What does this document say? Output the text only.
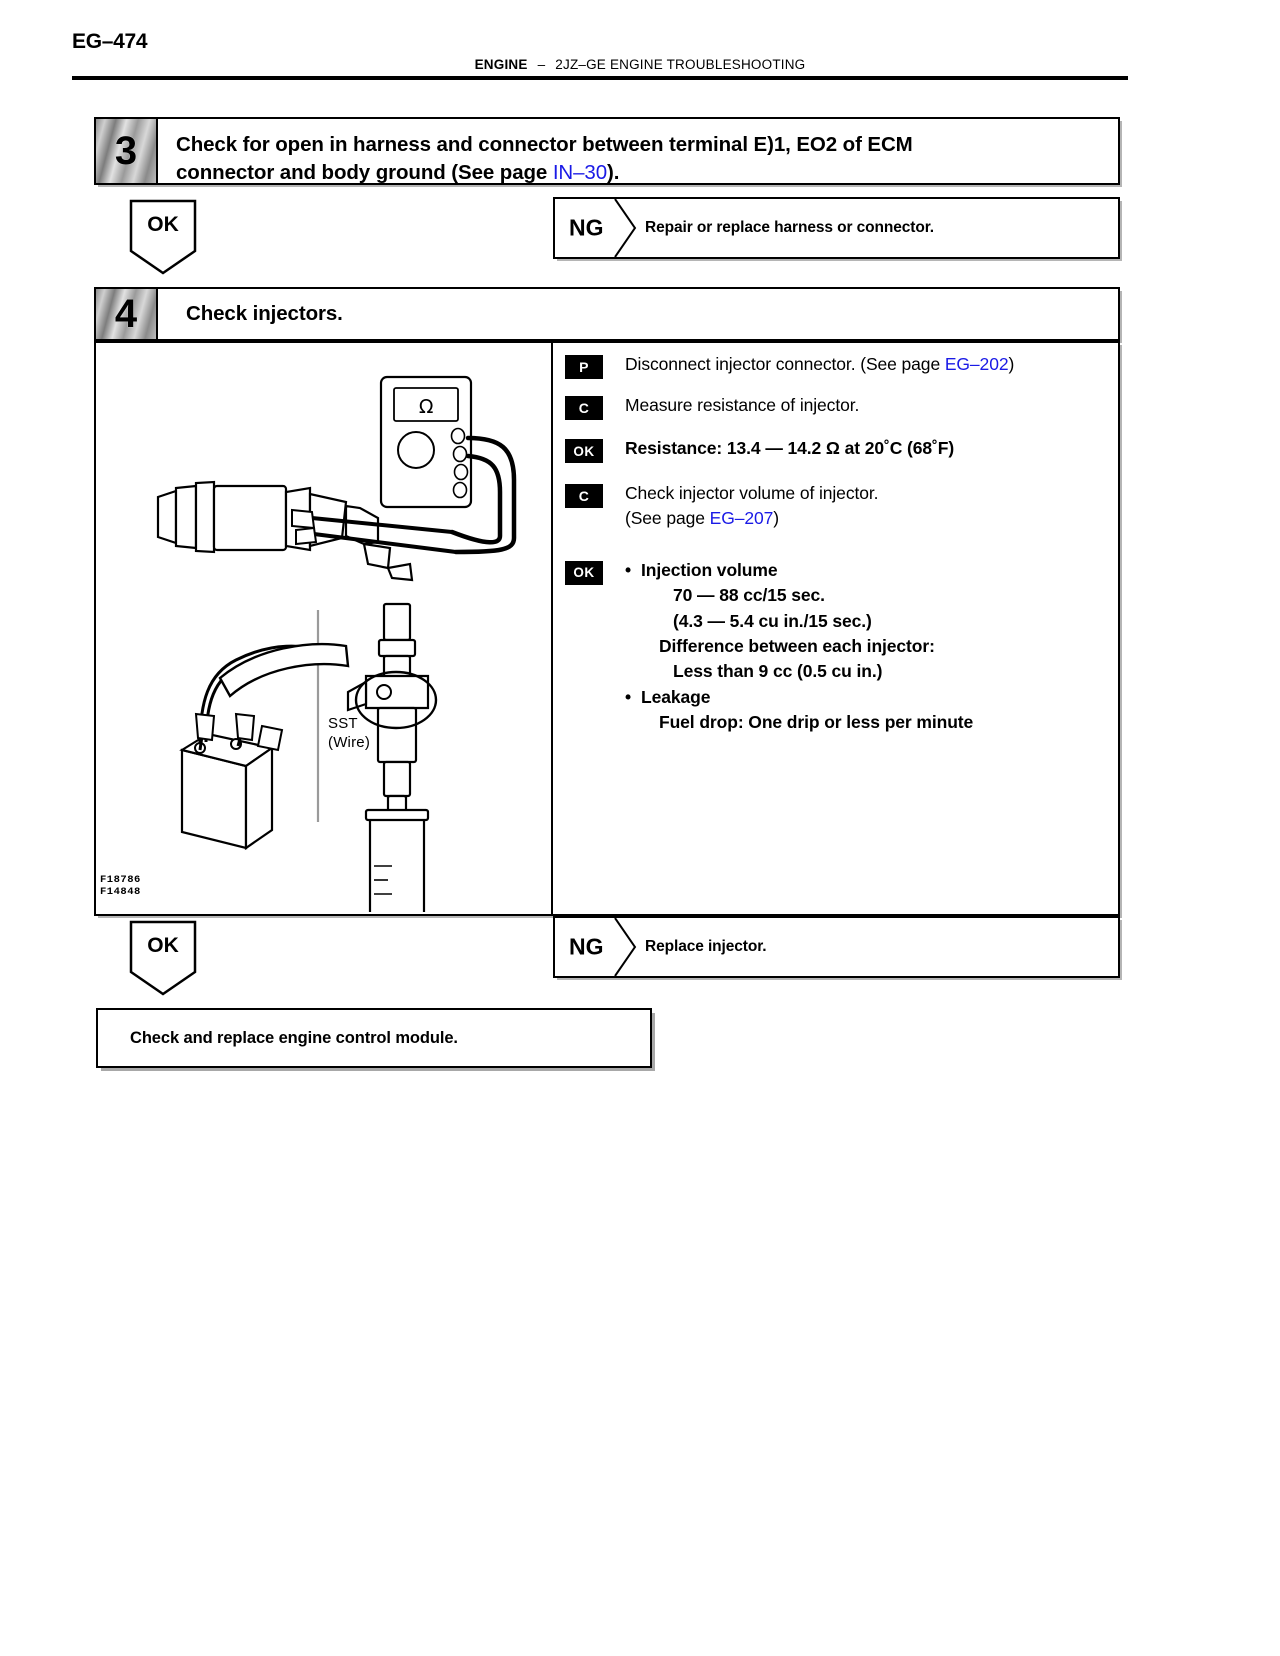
EG–474
ENGINE – 2JZ–GE ENGINE TROUBLESHOOTING
3 Check for open in harness and connector between terminal E)1, EO2 of ECM
connector and body ground (See page IN–30).
OK	NG	Repair or replace harness or connector.
4 Check injectors.
Ω
SST
(Wire)
F18786
F14848
P	Disconnect injector connector. (See page EG–202)
C	Measure resistance of injector.
OK	Resistance: 13.4 — 14.2 Ω at 20˚C (68˚F)
C	Check injector volume of injector.
(See page EG–207)
OK	• Injection volume
70 — 88 cc/15 sec.
(4.3 — 5.4 cu in./15 sec.)
Difference between each injector:
Less than 9 cc (0.5 cu in.)
• Leakage
Fuel drop: One drip or less per minute
OK	NG	Replace injector.
Check and replace engine control module.
